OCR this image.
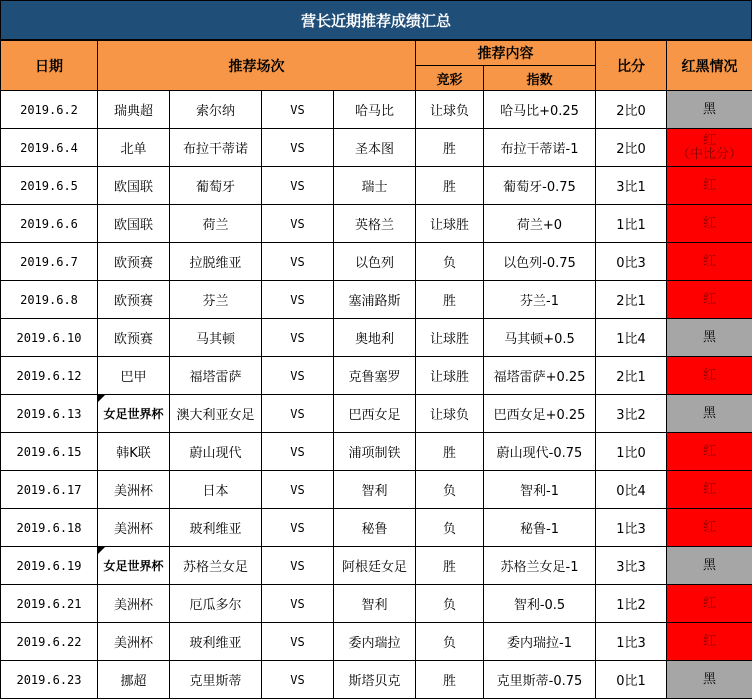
营长近期推荐成绩汇总
日期	推荐场次				推荐内容		比分	红黑情况
					竞彩	指数		
2019.6.2	瑞典超	索尔纳	VS	哈马比	让球负	哈马比+0.25	2比0	黑

2019.6.4	北单	布拉干蒂诺	VS	圣本图	胜	布拉干蒂诺-1	2比0	红
（中比分）

2019.6.5	欧国联	葡萄牙	VS	瑞士	胜	葡萄牙-0.75	3比1	红

2019.6.6	欧国联	荷兰	VS	英格兰	让球胜	荷兰+0	1比1	红

2019.6.7	欧预赛	拉脱维亚	VS	以色列	负	以色列-0.75	0比3	红

2019.6.8	欧预赛	芬兰	VS	塞浦路斯	胜	芬兰-1	2比1	红

2019.6.10	欧预赛	马其顿	VS	奥地利	让球胜	马其顿+0.5	1比4	黑

2019.6.12	巴甲	福塔雷萨	VS	克鲁塞罗	让球胜	福塔雷萨+0.25	2比1	红

2019.6.13	女足世界杯	澳大利亚女足	VS	巴西女足	让球负	巴西女足+0.25	3比2	黑

2019.6.15	韩K联	蔚山现代	VS	浦项制铁	胜	蔚山现代-0.75	1比0	红

2019.6.17	美洲杯	日本	VS	智利	负	智利-1	0比4	红

2019.6.18	美洲杯	玻利维亚	VS	秘鲁	负	秘鲁-1	1比3	红

2019.6.19	女足世界杯	苏格兰女足	VS	阿根廷女足	胜	苏格兰女足-1	3比3	黑

2019.6.21	美洲杯	厄瓜多尔	VS	智利	负	智利-0.5	1比2	红

2019.6.22	美洲杯	玻利维亚	VS	委内瑞拉	负	委内瑞拉-1	1比3	红

2019.6.23	挪超	克里斯蒂	VS	斯塔贝克	胜	克里斯蒂-0.75	0比1	黑
